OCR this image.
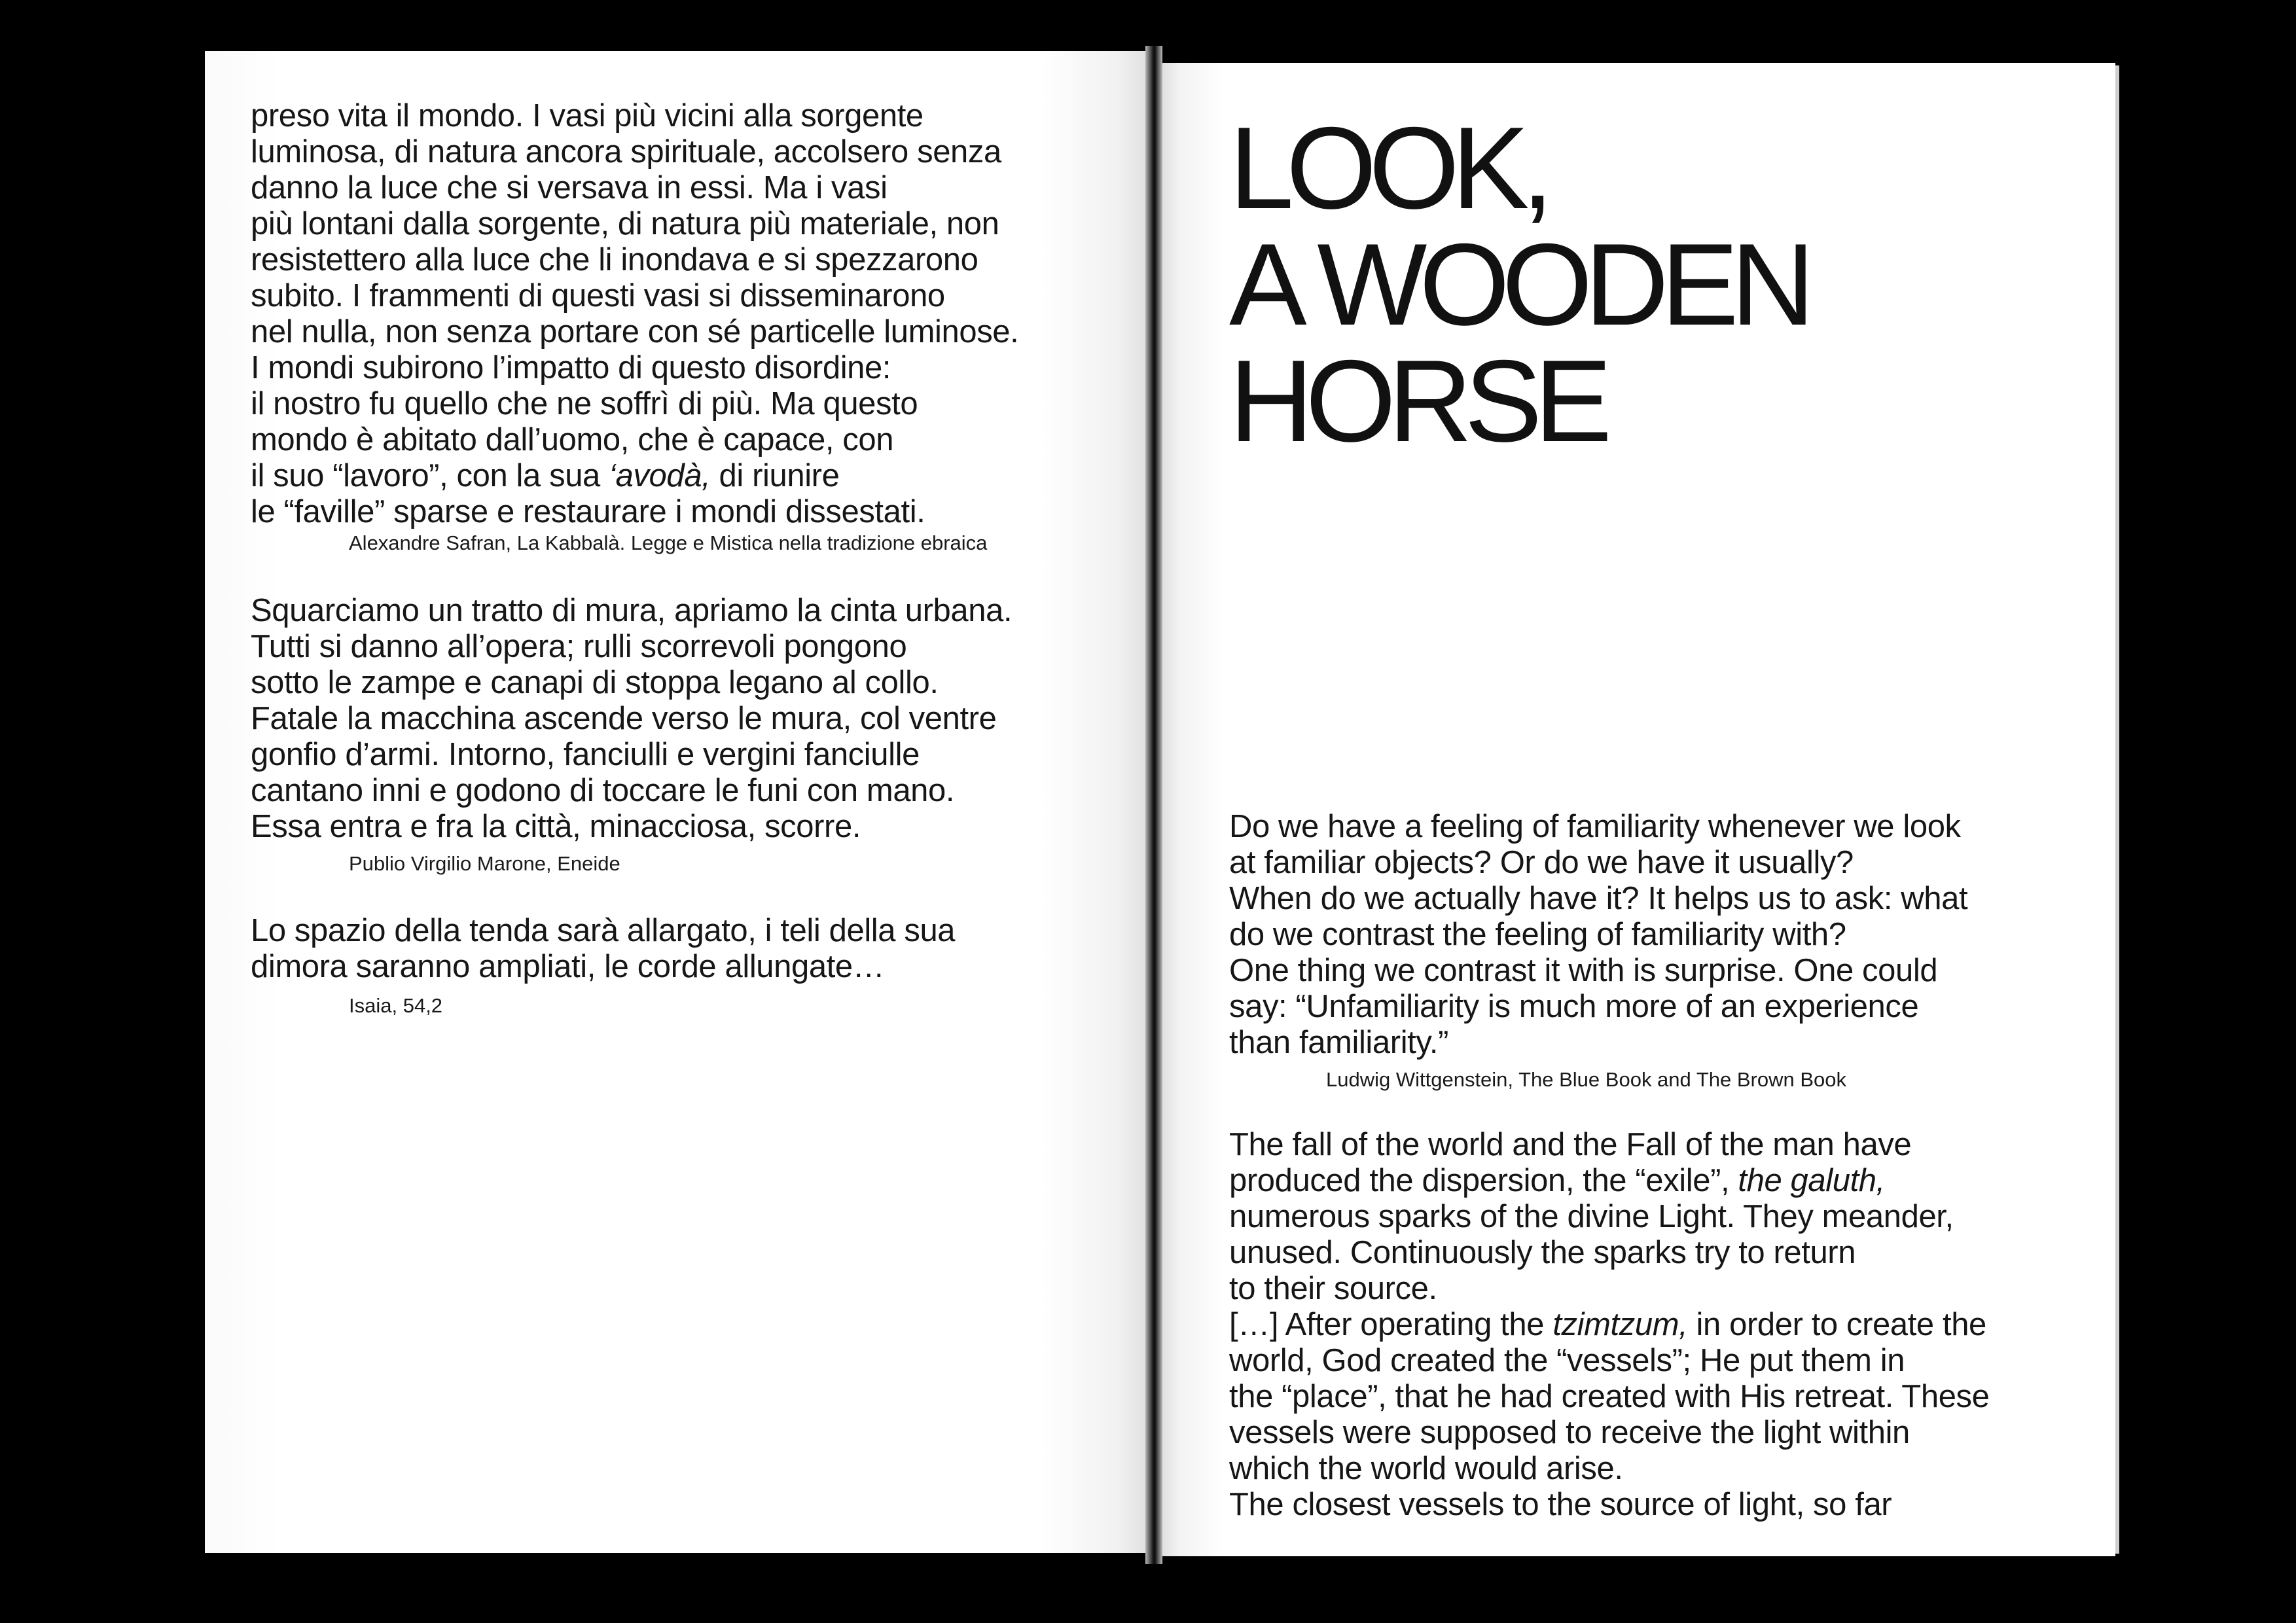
preso vita il mondo. I vasi più vicini alla sorgente
luminosa, di natura ancora spirituale, accolsero senza
danno la luce che si versava in essi. Ma i vasi
più lontani dalla sorgente, di natura più materiale, non
resistettero alla luce che li inondava e si spezzarono
subito. I frammenti di questi vasi si disseminarono
nel nulla, non senza portare con sé particelle luminose.
I mondi subirono l’impatto di questo disordine:
il nostro fu quello che ne soffrì di più. Ma questo
mondo è abitato dall’uomo, che è capace, con
il suo “lavoro”, con la sua ‘avodà, di riunire
le “faville” sparse e restaurare i mondi dissestati.

Alexandre Safran, La Kabbalà. Legge e Mistica nella tradizione ebraica

Squarciamo un tratto di mura, apriamo la cinta urbana.
Tutti si danno all’opera; rulli scorrevoli pongono
sotto le zampe e canapi di stoppa legano al collo.
Fatale la macchina ascende verso le mura, col ventre
gonfio d’armi. Intorno, fanciulli e vergini fanciulle
cantano inni e godono di toccare le funi con mano.
Essa entra e fra la città, minacciosa, scorre.

Publio Virgilio Marone, Eneide

Lo spazio della tenda sarà allargato, i teli della sua
dimora saranno ampliati, le corde allungate…

Isaia, 54,2

LOOK,
A WOODEN
HORSE

Do we have a feeling of familiarity whenever we look
at familiar objects? Or do we have it usually?
When do we actually have it? It helps us to ask: what
do we contrast the feeling of familiarity with?
One thing we contrast it with is surprise. One could
say: “Unfamiliarity is much more of an experience
than familiarity.”

Ludwig Wittgenstein, The Blue Book and The Brown Book

The fall of the world and the Fall of the man have
produced the dispersion, the “exile”, the galuth,
numerous sparks of the divine Light. They meander,
unused. Continuously the sparks try to return
to their source.
[…] After operating the tzimtzum, in order to create the
world, God created the “vessels”; He put them in
the “place”, that he had created with His retreat. These
vessels were supposed to receive the light within
which the world would arise.
The closest vessels to the source of light, so far
